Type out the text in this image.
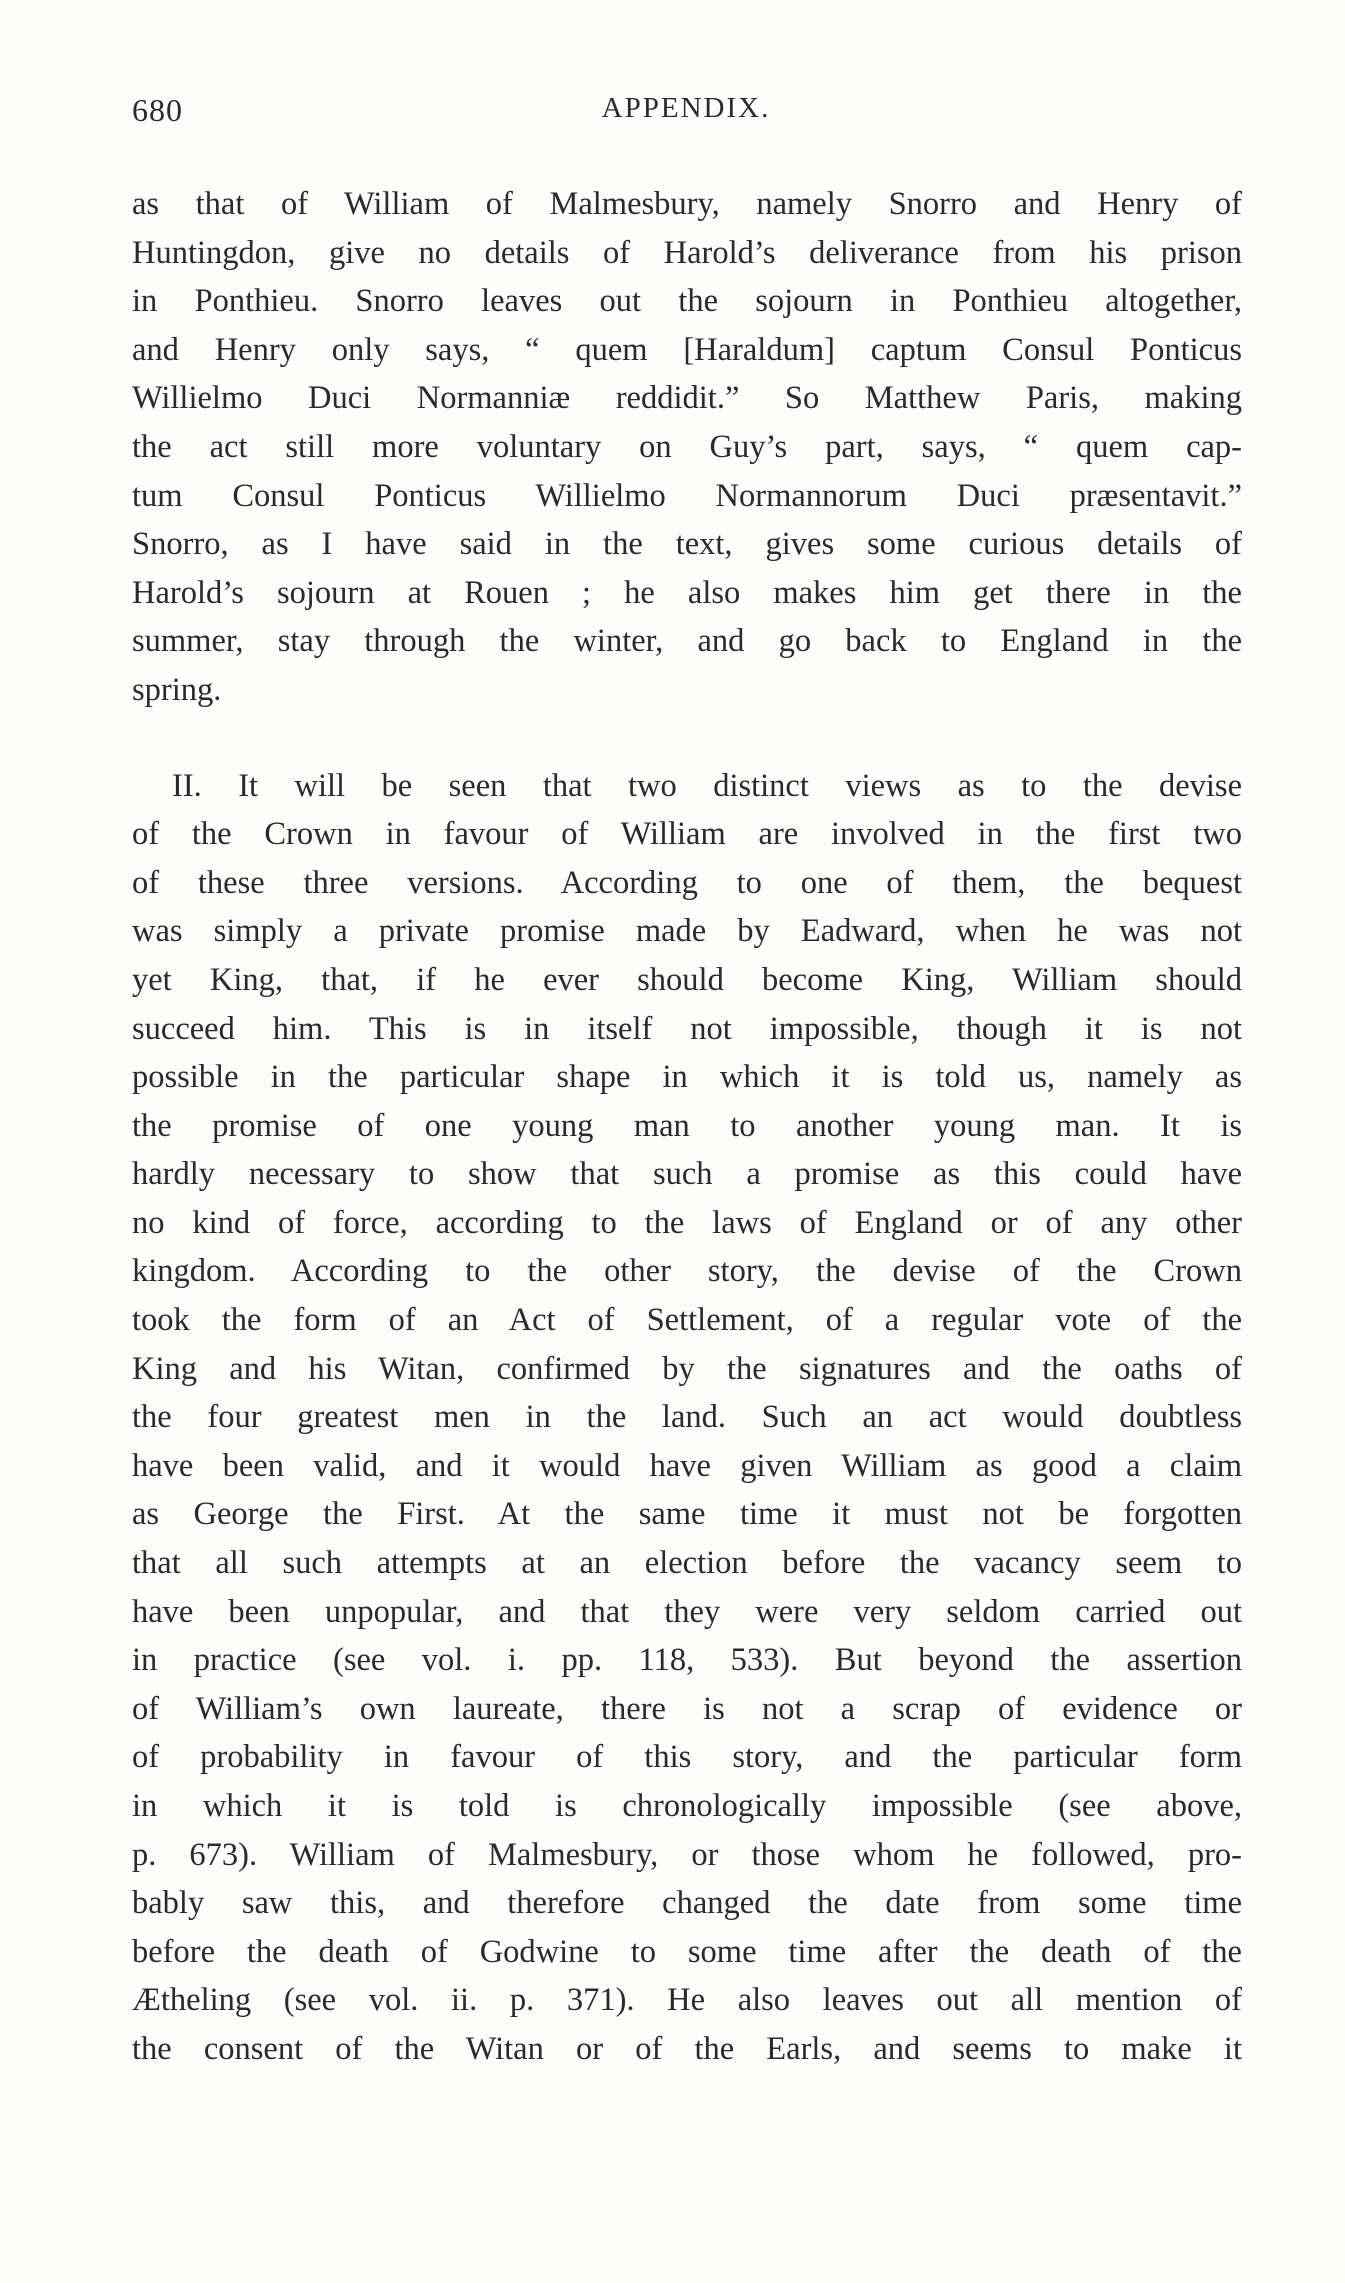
680	APPENDIX.
as that of William of Malmesbury, namely Snorro and Henry of
Huntingdon, give no details of Harold’s deliverance from his prison
in Ponthieu. Snorro leaves out the sojourn in Ponthieu altogether,
and Henry only says, “ quem [Haraldum] captum Consul Ponticus
Willielmo Duci Normanniæ reddidit.” So Matthew Paris, making
the act still more voluntary on Guy’s part, says, “ quem cap-
tum Consul Ponticus Willielmo Normannorum Duci præsentavit.”
Snorro, as I have said in the text, gives some curious details of
Harold’s sojourn at Rouen ; he also makes him get there in the
summer, stay through the winter, and go back to England in the
spring.
II. It will be seen that two distinct views as to the devise
of the Crown in favour of William are involved in the first two
of these three versions. According to one of them, the bequest
was simply a private promise made by Eadward, when he was not
yet King, that, if he ever should become King, William should
succeed him. This is in itself not impossible, though it is not
possible in the particular shape in which it is told us, namely as
the promise of one young man to another young man. It is
hardly necessary to show that such a promise as this could have
no kind of force, according to the laws of England or of any other
kingdom. According to the other story, the devise of the Crown
took the form of an Act of Settlement, of a regular vote of the
King and his Witan, confirmed by the signatures and the oaths of
the four greatest men in the land. Such an act would doubtless
have been valid, and it would have given William as good a claim
as George the First. At the same time it must not be forgotten
that all such attempts at an election before the vacancy seem to
have been unpopular, and that they were very seldom carried out
in practice (see vol. i. pp. 118, 533). But beyond the assertion
of William’s own laureate, there is not a scrap of evidence or
of probability in favour of this story, and the particular form
in which it is told is chronologically impossible (see above,
p. 673). William of Malmesbury, or those whom he followed, pro-
bably saw this, and therefore changed the date from some time
before the death of Godwine to some time after the death of the
Ætheling (see vol. ii. p. 371). He also leaves out all mention of
the consent of the Witan or of the Earls, and seems to make it
